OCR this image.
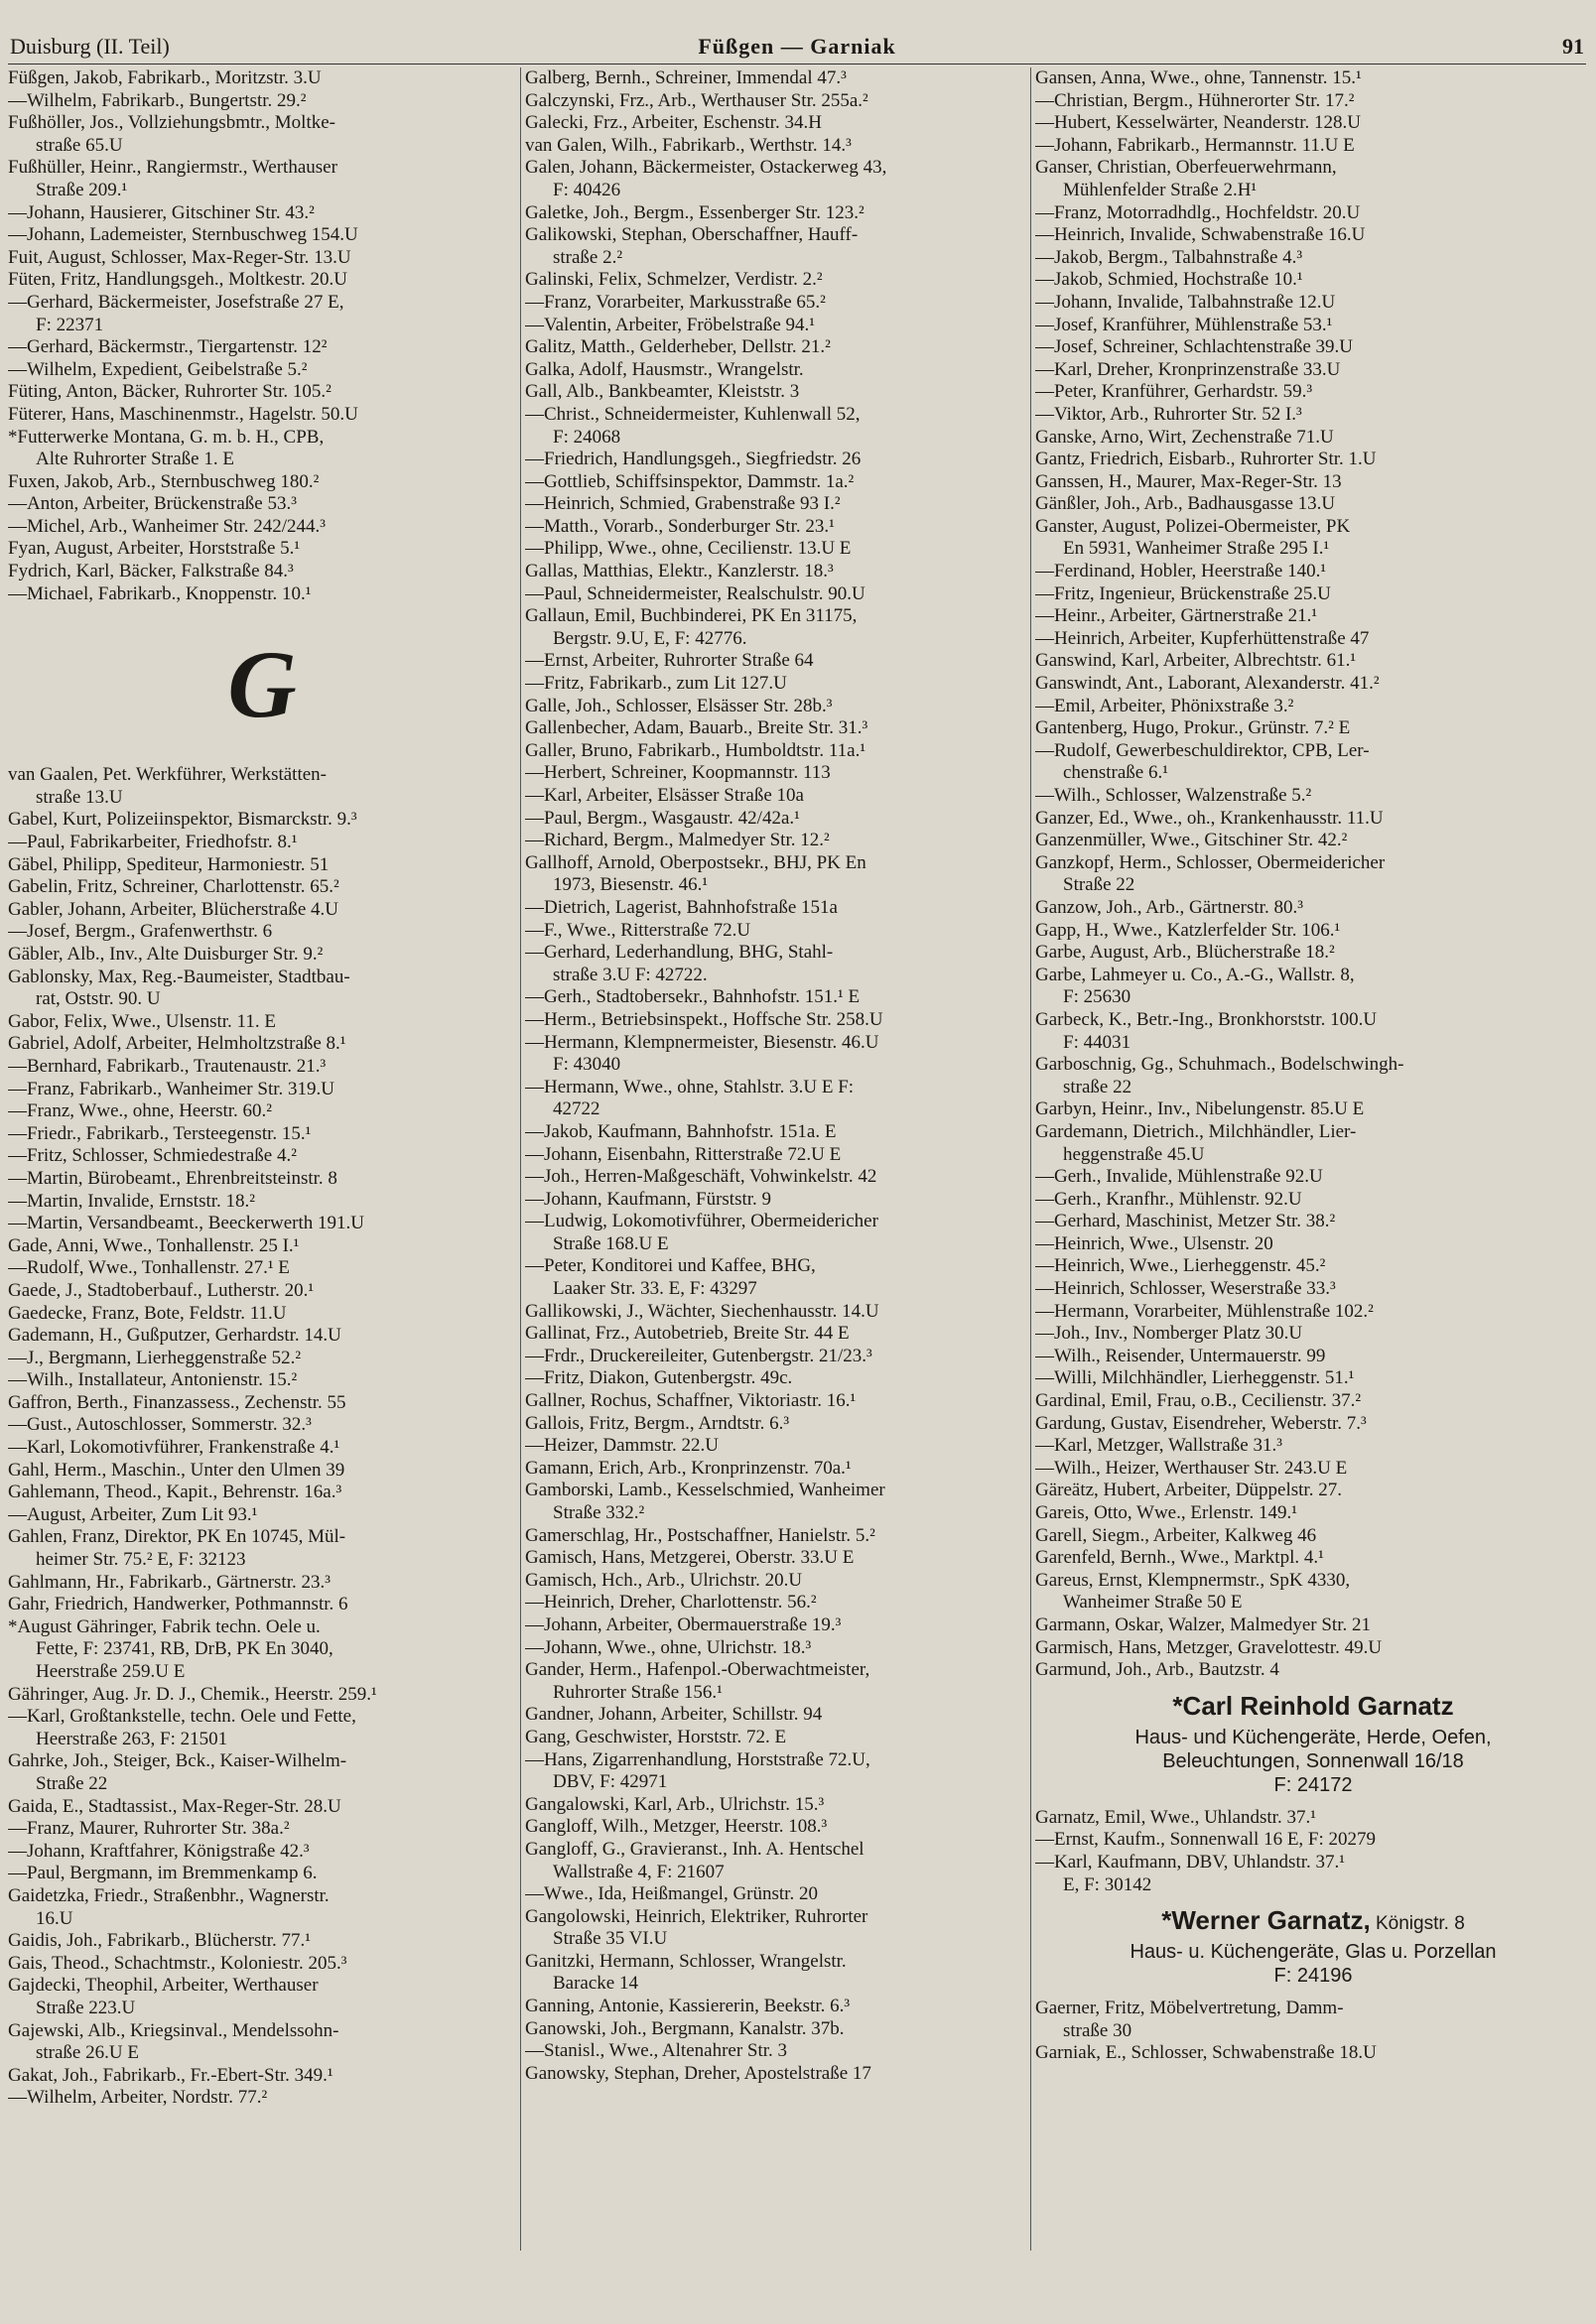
Duisburg (II. Teil)	Füßgen — Garniak	91
Füßgen, Jakob, Fabrikarb., Moritzstr. 3.U
—Wilhelm, Fabrikarb., Bungertstr. 29.²
Fußhöller, Jos., Vollziehungsbmtr., Moltke-
straße 65.U
Fußhüller, Heinr., Rangiermstr., Werthauser
Straße 209.¹
—Johann, Hausierer, Gitschiner Str. 43.²
—Johann, Lademeister, Sternbuschweg 154.U
Fuit, August, Schlosser, Max-Reger-Str. 13.U
Füten, Fritz, Handlungsgeh., Moltkestr. 20.U
—Gerhard, Bäckermeister, Josefstraße 27 E,
F: 22371
—Gerhard, Bäckermstr., Tiergartenstr. 12²
—Wilhelm, Expedient, Geibelstraße 5.²
Füting, Anton, Bäcker, Ruhrorter Str. 105.²
Füterer, Hans, Maschinenmstr., Hagelstr. 50.U
*Futterwerke Montana, G. m. b. H., CPB,
Alte Ruhrorter Straße 1. E
Fuxen, Jakob, Arb., Sternbuschweg 180.²
—Anton, Arbeiter, Brückenstraße 53.³
—Michel, Arb., Wanheimer Str. 242/244.³
Fyan, August, Arbeiter, Horststraße 5.¹
Fydrich, Karl, Bäcker, Falkstraße 84.³
—Michael, Fabrikarb., Knoppenstr. 10.¹
G
van Gaalen, Pet. Werkführer, Werkstätten-
straße 13.U
Gabel, Kurt, Polizeiinspektor, Bismarckstr. 9.³
—Paul, Fabrikarbeiter, Friedhofstr. 8.¹
Gäbel, Philipp, Spediteur, Harmoniestr. 51
Gabelin, Fritz, Schreiner, Charlottenstr. 65.²
Gabler, Johann, Arbeiter, Blücherstraße 4.U
—Josef, Bergm., Grafenwerthstr. 6
Gäbler, Alb., Inv., Alte Duisburger Str. 9.²
Gablonsky, Max, Reg.-Baumeister, Stadtbau-
rat, Oststr. 90. U
Gabor, Felix, Wwe., Ulsenstr. 11. E
Gabriel, Adolf, Arbeiter, Helmholtzstraße 8.¹
—Bernhard, Fabrikarb., Trautenaustr. 21.³
—Franz, Fabrikarb., Wanheimer Str. 319.U
—Franz, Wwe., ohne, Heerstr. 60.²
—Friedr., Fabrikarb., Tersteegenstr. 15.¹
—Fritz, Schlosser, Schmiedestraße 4.²
—Martin, Bürobeamt., Ehrenbreitsteinstr. 8
—Martin, Invalide, Ernststr. 18.²
—Martin, Versandbeamt., Beeckerwerth 191.U
Gade, Anni, Wwe., Tonhallenstr. 25 I.¹
—Rudolf, Wwe., Tonhallenstr. 27.¹ E
Gaede, J., Stadtoberbauf., Lutherstr. 20.¹
Gaedecke, Franz, Bote, Feldstr. 11.U
Gademann, H., Gußputzer, Gerhardstr. 14.U
—J., Bergmann, Lierheggenstraße 52.²
—Wilh., Installateur, Antonienstr. 15.²
Gaffron, Berth., Finanzassess., Zechenstr. 55
—Gust., Autoschlosser, Sommerstr. 32.³
—Karl, Lokomotivführer, Frankenstraße 4.¹
Gahl, Herm., Maschin., Unter den Ulmen 39
Gahlemann, Theod., Kapit., Behrenstr. 16a.³
—August, Arbeiter, Zum Lit 93.¹
Gahlen, Franz, Direktor, PK En 10745, Mül-
heimer Str. 75.² E, F: 32123
Gahlmann, Hr., Fabrikarb., Gärtnerstr. 23.³
Gahr, Friedrich, Handwerker, Pothmannstr. 6
*August Gähringer, Fabrik techn. Oele u.
Fette, F: 23741, RB, DrB, PK En 3040,
Heerstraße 259.U E
Gähringer, Aug. Jr. D. J., Chemik., Heerstr. 259.¹
—Karl, Großtankstelle, techn. Oele und Fette,
Heerstraße 263, F: 21501
Gahrke, Joh., Steiger, Bck., Kaiser-Wilhelm-
Straße 22
Gaida, E., Stadtassist., Max-Reger-Str. 28.U
—Franz, Maurer, Ruhrorter Str. 38a.²
—Johann, Kraftfahrer, Königstraße 42.³
—Paul, Bergmann, im Bremmenkamp 6.
Gaidetzka, Friedr., Straßenbhr., Wagnerstr.
16.U
Gaidis, Joh., Fabrikarb., Blücherstr. 77.¹
Gais, Theod., Schachtmstr., Koloniestr. 205.³
Gajdecki, Theophil, Arbeiter, Werthauser
Straße 223.U
Gajewski, Alb., Kriegsinval., Mendelssohn-
straße 26.U E
Gakat, Joh., Fabrikarb., Fr.-Ebert-Str. 349.¹
—Wilhelm, Arbeiter, Nordstr. 77.²
Galberg, Bernh., Schreiner, Immendal 47.³
Galczynski, Frz., Arb., Werthauser Str. 255a.²
Galecki, Frz., Arbeiter, Eschenstr. 34.H
van Galen, Wilh., Fabrikarb., Werthstr. 14.³
Galen, Johann, Bäckermeister, Ostackerweg 43,
F: 40426
Galetke, Joh., Bergm., Essenberger Str. 123.²
Galikowski, Stephan, Oberschaffner, Hauff-
straße 2.²
Galinski, Felix, Schmelzer, Verdistr. 2.²
—Franz, Vorarbeiter, Markusstraße 65.²
—Valentin, Arbeiter, Fröbelstraße 94.¹
Galitz, Matth., Gelderheber, Dellstr. 21.²
Galka, Adolf, Hausmstr., Wrangelstr.
Gall, Alb., Bankbeamter, Kleiststr. 3
—Christ., Schneidermeister, Kuhlenwall 52,
F: 24068
—Friedrich, Handlungsgeh., Siegfriedstr. 26
—Gottlieb, Schiffsinspektor, Dammstr. 1a.²
—Heinrich, Schmied, Grabenstraße 93 I.²
—Matth., Vorarb., Sonderburger Str. 23.¹
—Philipp, Wwe., ohne, Cecilienstr. 13.U E
Gallas, Matthias, Elektr., Kanzlerstr. 18.³
—Paul, Schneidermeister, Realschulstr. 90.U
Gallaun, Emil, Buchbinderei, PK En 31175,
Bergstr. 9.U, E, F: 42776.
—Ernst, Arbeiter, Ruhrorter Straße 64
—Fritz, Fabrikarb., zum Lit 127.U
Galle, Joh., Schlosser, Elsässer Str. 28b.³
Gallenbecher, Adam, Bauarb., Breite Str. 31.³
Galler, Bruno, Fabrikarb., Humboldtstr. 11a.¹
—Herbert, Schreiner, Koopmannstr. 113
—Karl, Arbeiter, Elsässer Straße 10a
—Paul, Bergm., Wasgaustr. 42/42a.¹
—Richard, Bergm., Malmedyer Str. 12.²
Gallhoff, Arnold, Oberpostsekr., BHJ, PK En
1973, Biesenstr. 46.¹
—Dietrich, Lagerist, Bahnhofstraße 151a
—F., Wwe., Ritterstraße 72.U
—Gerhard, Lederhandlung, BHG, Stahl-
straße 3.U F: 42722.
—Gerh., Stadtobersekr., Bahnhofstr. 151.¹ E
—Herm., Betriebsinspekt., Hoffsche Str. 258.U
—Hermann, Klempnermeister, Biesenstr. 46.U
F: 43040
—Hermann, Wwe., ohne, Stahlstr. 3.U E F:
42722
—Jakob, Kaufmann, Bahnhofstr. 151a. E
—Johann, Eisenbahn, Ritterstraße 72.U E
—Joh., Herren-Maßgeschäft, Vohwinkelstr. 42
—Johann, Kaufmann, Fürststr. 9
—Ludwig, Lokomotivführer, Obermeidericher
Straße 168.U E
—Peter, Konditorei und Kaffee, BHG,
Laaker Str. 33. E, F: 43297
Gallikowski, J., Wächter, Siechenhausstr. 14.U
Gallinat, Frz., Autobetrieb, Breite Str. 44 E
—Frdr., Druckereileiter, Gutenbergstr. 21/23.³
—Fritz, Diakon, Gutenbergstr. 49c.
Gallner, Rochus, Schaffner, Viktoriastr. 16.¹
Gallois, Fritz, Bergm., Arndtstr. 6.³
—Heizer, Dammstr. 22.U
Gamann, Erich, Arb., Kronprinzenstr. 70a.¹
Gamborski, Lamb., Kesselschmied, Wanheimer
Straße 332.²
Gamerschlag, Hr., Postschaffner, Hanielstr. 5.²
Gamisch, Hans, Metzgerei, Oberstr. 33.U E
Gamisch, Hch., Arb., Ulrichstr. 20.U
—Heinrich, Dreher, Charlottenstr. 56.²
—Johann, Arbeiter, Obermauerstraße 19.³
—Johann, Wwe., ohne, Ulrichstr. 18.³
Gander, Herm., Hafenpol.-Oberwachtmeister,
Ruhrorter Straße 156.¹
Gandner, Johann, Arbeiter, Schillstr. 94
Gang, Geschwister, Horststr. 72. E
—Hans, Zigarrenhandlung, Horststraße 72.U,
DBV, F: 42971
Gangalowski, Karl, Arb., Ulrichstr. 15.³
Gangloff, Wilh., Metzger, Heerstr. 108.³
Gangloff, G., Gravieranst., Inh. A. Hentschel
Wallstraße 4, F: 21607
—Wwe., Ida, Heißmangel, Grünstr. 20
Gangolowski, Heinrich, Elektriker, Ruhrorter
Straße 35 VI.U
Ganitzki, Hermann, Schlosser, Wrangelstr.
Baracke 14
Ganning, Antonie, Kassiererin, Beekstr. 6.³
Ganowski, Joh., Bergmann, Kanalstr. 37b.
—Stanisl., Wwe., Altenahrer Str. 3
Ganowsky, Stephan, Dreher, Apostelstraße 17
Gansen, Anna, Wwe., ohne, Tannenstr. 15.¹
—Christian, Bergm., Hühnerorter Str. 17.²
—Hubert, Kesselwärter, Neanderstr. 128.U
—Johann, Fabrikarb., Hermannstr. 11.U E
Ganser, Christian, Oberfeuerwehrmann,
Mühlenfelder Straße 2.H¹
—Franz, Motorradhdlg., Hochfeldstr. 20.U
—Heinrich, Invalide, Schwabenstraße 16.U
—Jakob, Bergm., Talbahnstraße 4.³
—Jakob, Schmied, Hochstraße 10.¹
—Johann, Invalide, Talbahnstraße 12.U
—Josef, Kranführer, Mühlenstraße 53.¹
—Josef, Schreiner, Schlachtenstraße 39.U
—Karl, Dreher, Kronprinzenstraße 33.U
—Peter, Kranführer, Gerhardstr. 59.³
—Viktor, Arb., Ruhrorter Str. 52 I.³
Ganske, Arno, Wirt, Zechenstraße 71.U
Gantz, Friedrich, Eisbarb., Ruhrorter Str. 1.U
Ganssen, H., Maurer, Max-Reger-Str. 13
Gänßler, Joh., Arb., Badhausgasse 13.U
Ganster, August, Polizei-Obermeister, PK
En 5931, Wanheimer Straße 295 I.¹
—Ferdinand, Hobler, Heerstraße 140.¹
—Fritz, Ingenieur, Brückenstraße 25.U
—Heinr., Arbeiter, Gärtnerstraße 21.¹
—Heinrich, Arbeiter, Kupferhüttenstraße 47
Ganswind, Karl, Arbeiter, Albrechtstr. 61.¹
Ganswindt, Ant., Laborant, Alexanderstr. 41.²
—Emil, Arbeiter, Phönixstraße 3.²
Gantenberg, Hugo, Prokur., Grünstr. 7.² E
—Rudolf, Gewerbeschuldirektor, CPB, Ler-
chenstraße 6.¹
—Wilh., Schlosser, Walzenstraße 5.²
Ganzer, Ed., Wwe., oh., Krankenhausstr. 11.U
Ganzenmüller, Wwe., Gitschiner Str. 42.²
Ganzkopf, Herm., Schlosser, Obermeidericher
Straße 22
Ganzow, Joh., Arb., Gärtnerstr. 80.³
Gapp, H., Wwe., Katzlerfelder Str. 106.¹
Garbe, August, Arb., Blücherstraße 18.²
Garbe, Lahmeyer u. Co., A.-G., Wallstr. 8,
F: 25630
Garbeck, K., Betr.-Ing., Bronkhorststr. 100.U
F: 44031
Garboschnig, Gg., Schuhmach., Bodelschwingh-
straße 22
Garbyn, Heinr., Inv., Nibelungenstr. 85.U E
Gardemann, Dietrich., Milchhändler, Lier-
heggenstraße 45.U
—Gerh., Invalide, Mühlenstraße 92.U
—Gerh., Kranfhr., Mühlenstr. 92.U
—Gerhard, Maschinist, Metzer Str. 38.²
—Heinrich, Wwe., Ulsenstr. 20
—Heinrich, Wwe., Lierheggenstr. 45.²
—Heinrich, Schlosser, Weserstraße 33.³
—Hermann, Vorarbeiter, Mühlenstraße 102.²
—Joh., Inv., Nomberger Platz 30.U
—Wilh., Reisender, Untermauerstr. 99
—Willi, Milchhändler, Lierheggenstr. 51.¹
Gardinal, Emil, Frau, o.B., Cecilienstr. 37.²
Gardung, Gustav, Eisendreher, Weberstr. 7.³
—Karl, Metzger, Wallstraße 31.³
—Wilh., Heizer, Werthauser Str. 243.U E
Gäreätz, Hubert, Arbeiter, Düppelstr. 27.
Gareis, Otto, Wwe., Erlenstr. 149.¹
Garell, Siegm., Arbeiter, Kalkweg 46
Garenfeld, Bernh., Wwe., Marktpl. 4.¹
Gareus, Ernst, Klempnermstr., SpK 4330,
Wanheimer Straße 50 E
Garmann, Oskar, Walzer, Malmedyer Str. 21
Garmisch, Hans, Metzger, Gravelottestr. 49.U
Garmund, Joh., Arb., Bautzstr. 4
*Carl Reinhold Garnatz
Haus- und Küchengeräte, Herde, Oefen,
Beleuchtungen, Sonnenwall 16/18
F: 24172
Garnatz, Emil, Wwe., Uhlandstr. 37.¹
—Ernst, Kaufm., Sonnenwall 16 E, F: 20279
—Karl, Kaufmann, DBV, Uhlandstr. 37.¹
E, F: 30142
*Werner Garnatz, Königstr. 8
Haus- u. Küchengeräte, Glas u. Porzellan
F: 24196
Gaerner, Fritz, Möbelvertretung, Damm-
straße 30
Garniak, E., Schlosser, Schwabenstraße 18.U
